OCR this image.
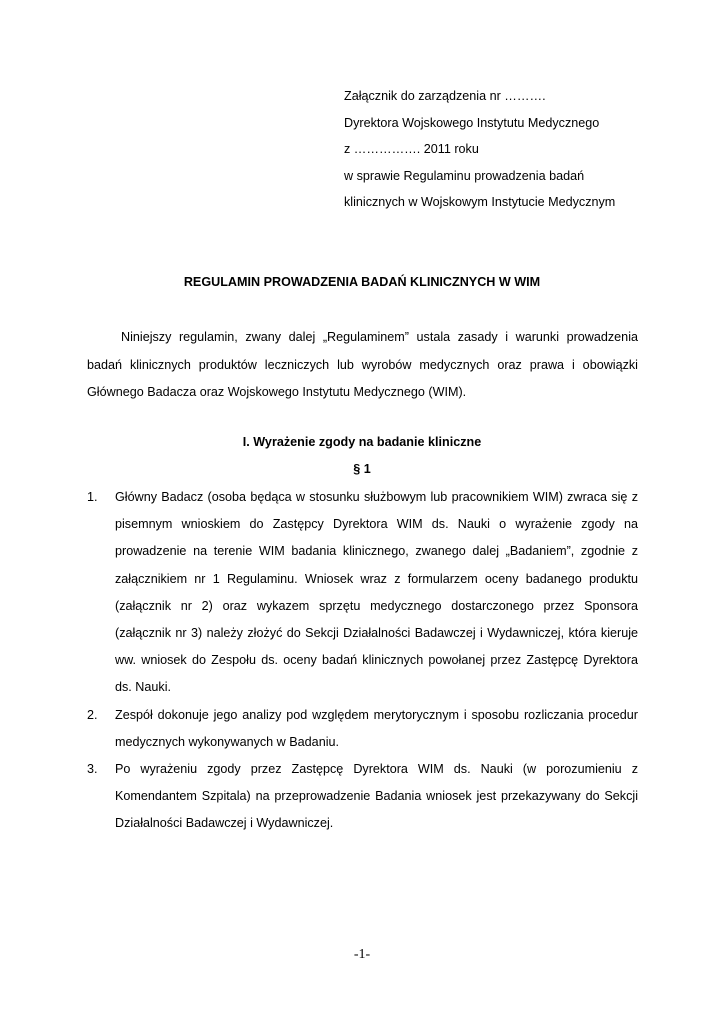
Załącznik do zarządzenia nr ……….
Dyrektora Wojskowego Instytutu Medycznego
z ……………. 2011 roku
w sprawie Regulaminu prowadzenia badań
klinicznych w Wojskowym Instytucie Medycznym
REGULAMIN PROWADZENIA BADAŃ KLINICZNYCH W WIM

Niniejszy regulamin, zwany dalej „Regulaminem” ustala zasady i warunki prowadzenia badań klinicznych produktów leczniczych lub wyrobów medycznych oraz prawa i obowiązki Głównego Badacza oraz Wojskowego Instytutu Medycznego (WIM).

I. Wyrażenie zgody na badanie kliniczne
§ 1
1. Główny Badacz (osoba będąca w stosunku służbowym lub pracownikiem WIM) zwraca się z pisemnym wnioskiem do Zastępcy Dyrektora WIM ds. Nauki o wyrażenie zgody na prowadzenie na terenie WIM badania klinicznego, zwanego dalej „Badaniem”, zgodnie z załącznikiem nr 1 Regulaminu. Wniosek wraz z formularzem oceny badanego produktu (załącznik nr 2) oraz wykazem sprzętu medycznego dostarczonego przez Sponsora (załącznik nr 3) należy złożyć do Sekcji Działalności Badawczej i Wydawniczej, która kieruje ww. wniosek do Zespołu ds. oceny badań klinicznych powołanej przez Zastępcę Dyrektora ds. Nauki.
2. Zespół dokonuje jego analizy pod względem merytorycznym i sposobu rozliczania procedur medycznych wykonywanych w Badaniu.
3. Po wyrażeniu zgody przez Zastępcę Dyrektora WIM ds. Nauki (w porozumieniu z Komendantem Szpitala) na przeprowadzenie Badania wniosek jest przekazywany do Sekcji Działalności Badawczej i Wydawniczej.
-1-
